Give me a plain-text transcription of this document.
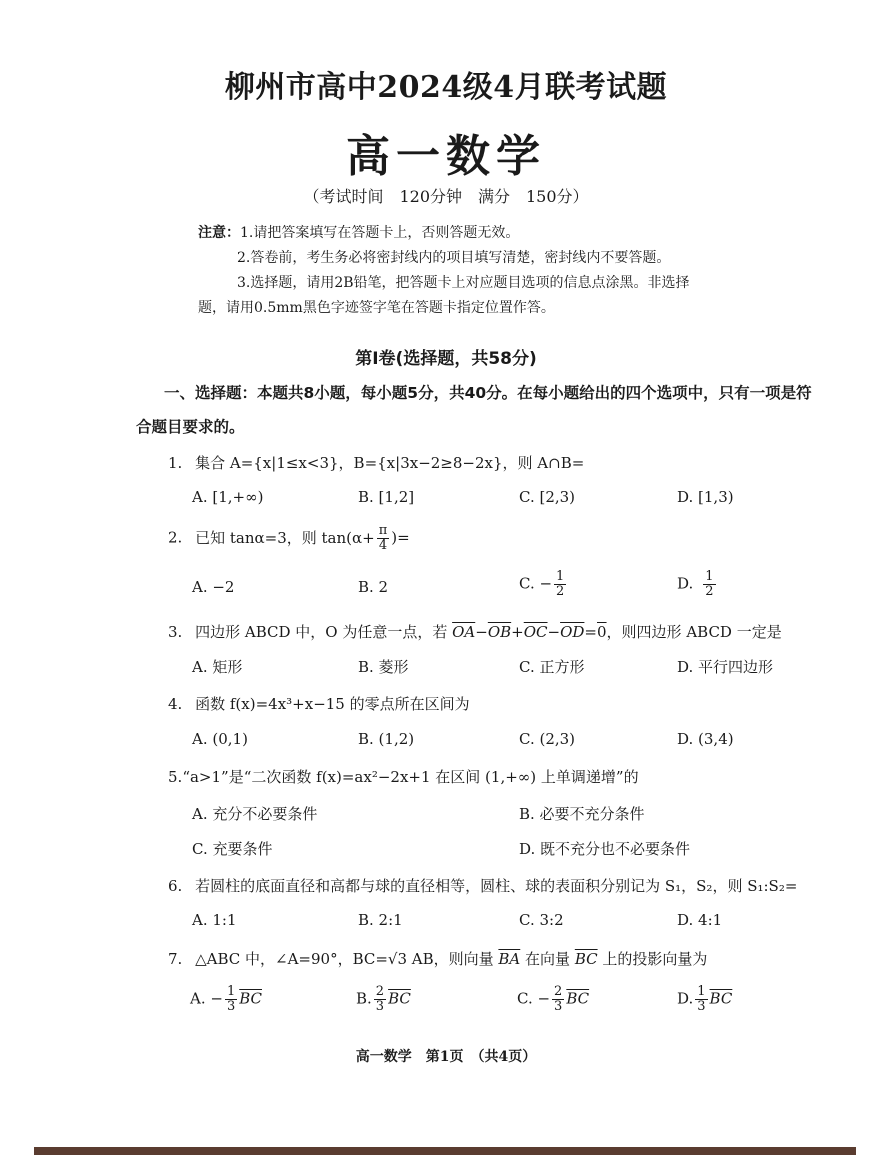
柳州市高中2024级4月联考试题
高一数学
（考试时间　120分钟　满分　150分）
注意：1.请把答案填写在答题卡上，否则答题无效。
2.答卷前，考生务必将密封线内的项目填写清楚，密封线内不要答题。
3.选择题，请用2B铅笔，把答题卡上对应题目选项的信息点涂黑。非选择
题，请用0.5mm黑色字迹签字笔在答题卡指定位置作答。
第Ⅰ卷(选择题，共58分)
一、选择题：本题共8小题，每小题5分，共40分。在每小题给出的四个选项中，只有一项是符
合题目要求的。
1. 集合 A={x|1≤x<3}，B={x|3x−2≥8−2x}，则 A∩B=
A. [1,+∞)	B. [1,2]	C. [2,3)	D. [1,3)
2. 已知 tanα=3，则 $\tan(\alpha+ \frac{\pi}{4}$ )=
A. −2	B. 2	C. − $\frac{1}{2}$	D. $\frac{1}{2}$
3. 四边形 ABCD 中，O 为任意一点，若 $\overline{OA}-\overline{OB}+\overline{OC}-\overline{OD}=0$，则四边形 ABCD 一定是
A. 矩形	B. 菱形	C. 正方形	D. 平行四边形
4. 函数 f(x)=4x³+x−15 的零点所在区间为
A. (0,1)	B. (1,2)	C. (2,3)	D. (3,4)
5.“a>1”是“二次函数 f(x)=ax²−2x+1 在区间 (1,+∞) 上单调递增”的
A. 充分不必要条件	B. 必要不充分条件
C. 充要条件	D. 既不充分也不必要条件
6. 若圆柱的底面直径和高都与球的直径相等，圆柱、球的表面积分别记为 S₁，S₂，则 S₁:S₂=
A. 1:1	B. 2:1	C. 3:2	D. 4:1
7. △ABC 中，∠A=90°，BC=√3 AB，则向量 $\overline{BA}$ 在向量 $\overline{BC}$ 上的投影向量为
A. − $\frac{1}{3} \overline{BC}$	B. $\frac{2}{3} \overline{BC}$	C. − $\frac{2}{3} \overline{BC}$	D. $\frac{1}{3} \overline{BC}$
高一数学　第1页　（共4页）
